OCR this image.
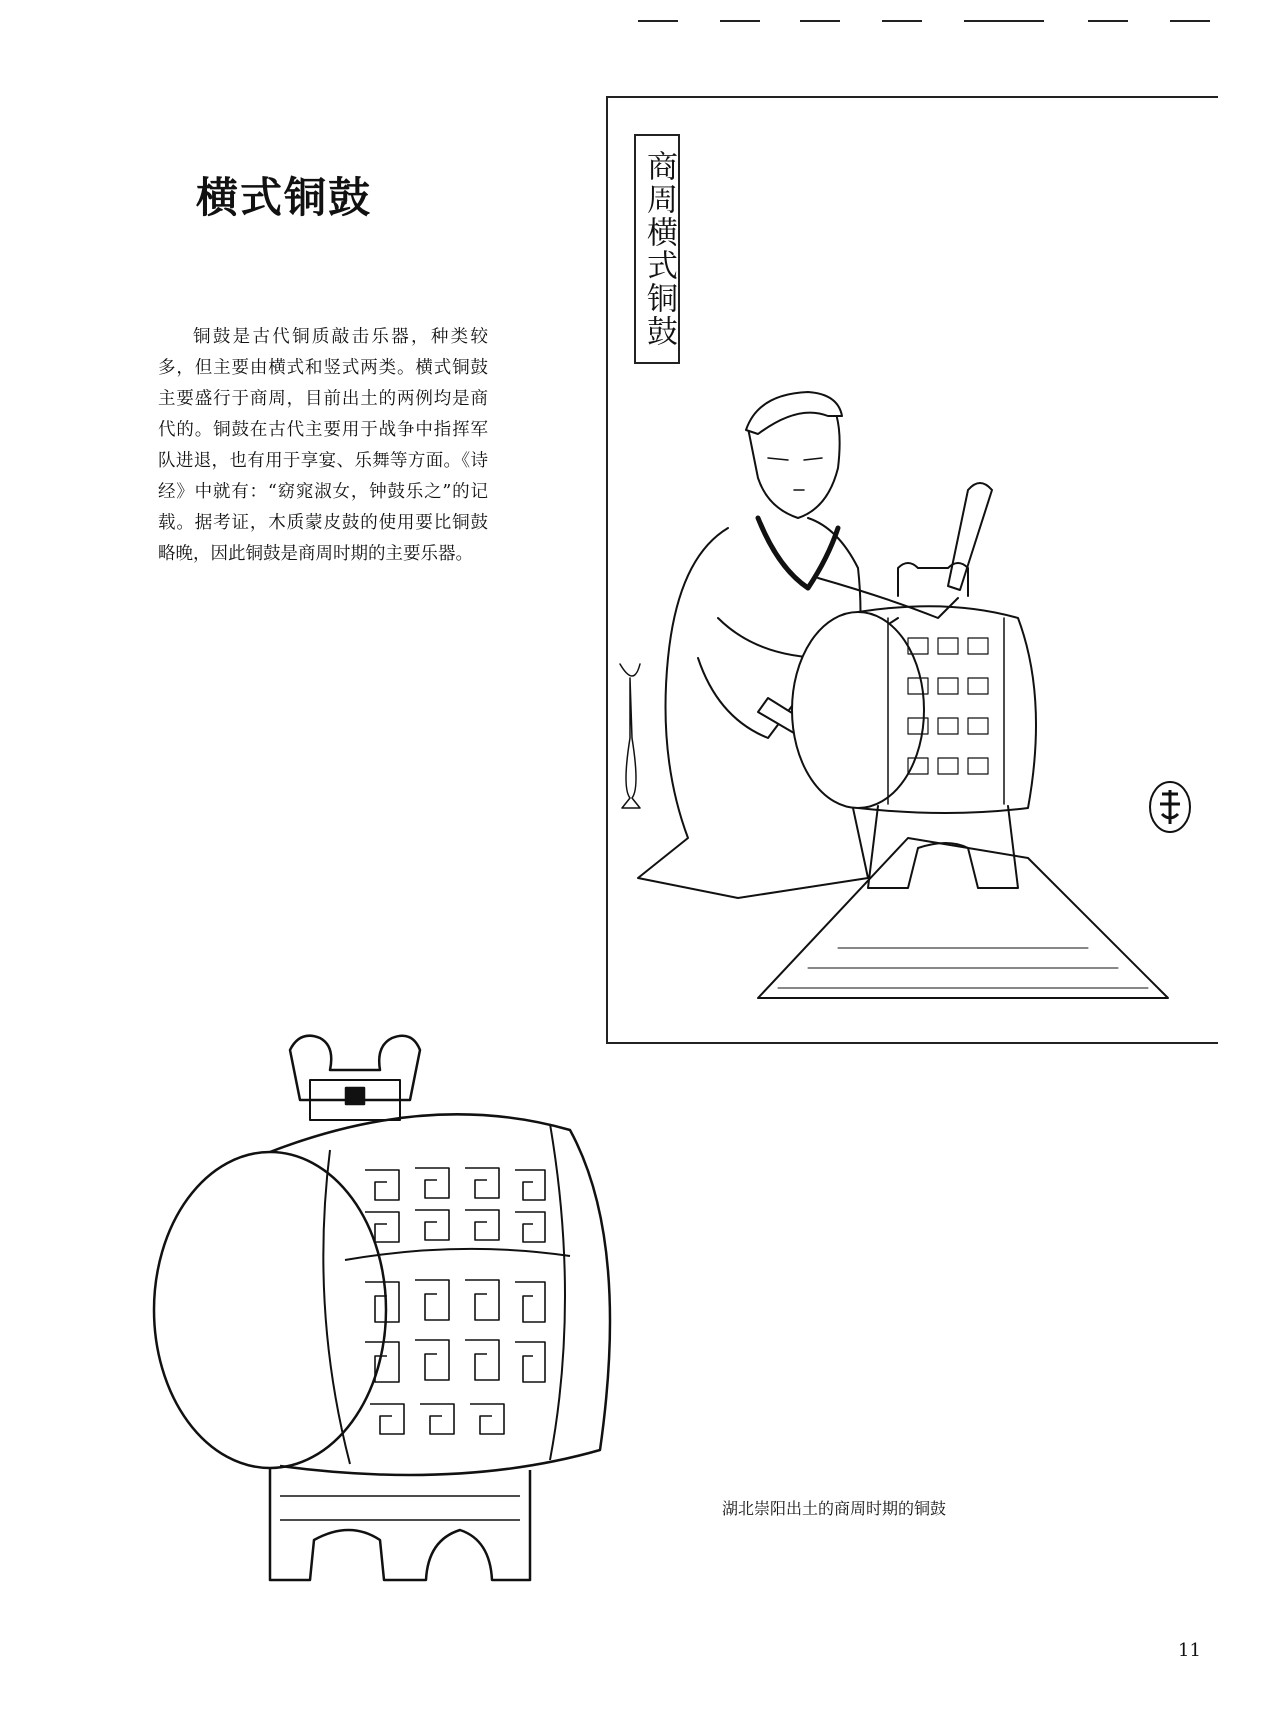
横式铜鼓

铜鼓是古代铜质敲击乐器，种类较多，但主要由横式和竖式两类。横式铜鼓主要盛行于商周，目前出土的两例均是商代的。铜鼓在古代主要用于战争中指挥军队进退，也有用于享宴、乐舞等方面。《诗经》中就有：“窈窕淑女，钟鼓乐之”的记载。据考证，木质蒙皮鼓的使用要比铜鼓略晚，因此铜鼓是商周时期的主要乐器。

商周横式铜鼓

湖北崇阳出土的商周时期的铜鼓

11
